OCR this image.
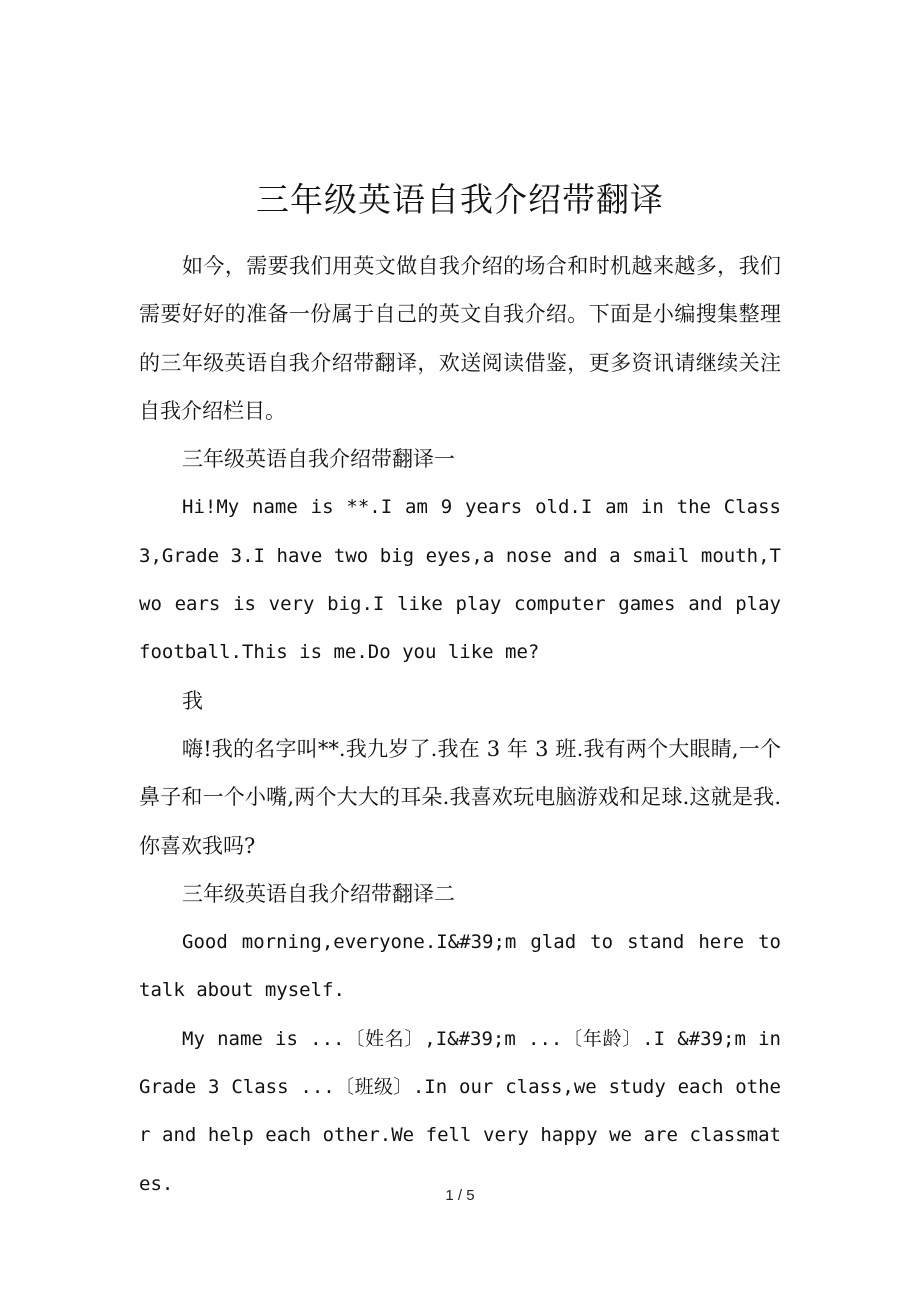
三年级英语自我介绍带翻译

如今，需要我们用英文做自我介绍的场合和时机越来越多，我们需要好好的准备一份属于自己的英文自我介绍。下面是小编搜集整理的三年级英语自我介绍带翻译，欢送阅读借鉴，更多资讯请继续关注自我介绍栏目。

三年级英语自我介绍带翻译一

Hi!My name is **.I am 9 years old.I am in the Class 3,Grade 3.I have two big eyes,a nose and a smail mouth,Two ears is very big.I like play computer games and play football.This is me.Do you like me?

我

嗨!我的名字叫**.我九岁了.我在 3 年 3 班.我有两个大眼睛,一个鼻子和一个小嘴,两个大大的耳朵.我喜欢玩电脑游戏和足球.这就是我.你喜欢我吗?

三年级英语自我介绍带翻译二

Good morning,everyone.I&#39;m glad to stand here to talk about myself.

My name is ...〔姓名〕,I&#39;m ...〔年龄〕.I &#39;m in Grade 3 Class ...〔班级〕.In our class,we study each other and help each other.We fell very happy we are classmates.

1 / 5
